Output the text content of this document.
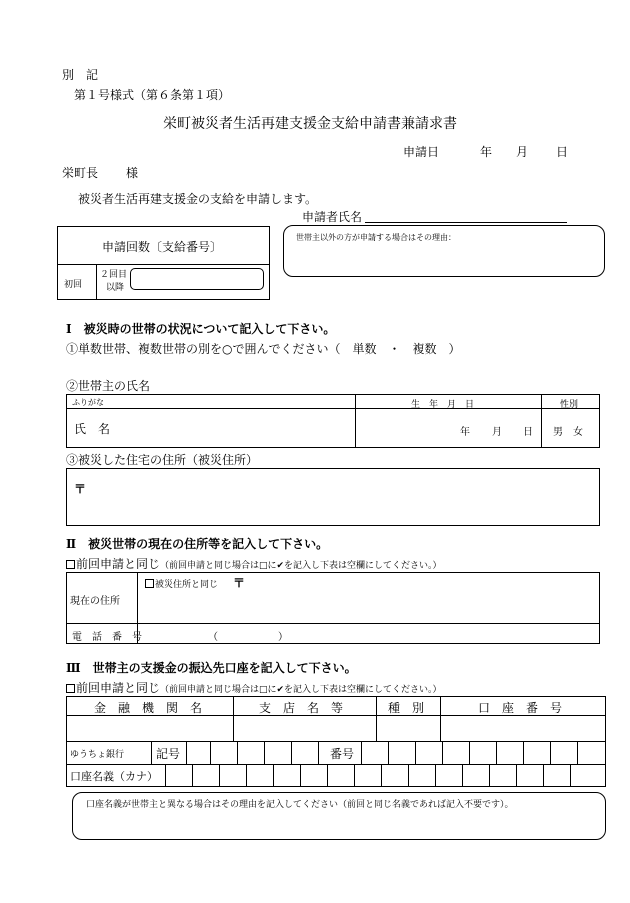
別　記
第１号様式（第６条第１項）
栄町被災者生活再建支援金支給申請書兼請求書
申請日	年 月 日
栄町長 様
被災者生活再建支援金の支給を申請します。
申請者氏名
申請回数〔支給番号〕
初回
２回目
以降
世帯主以外の方が申請する場合はその理由：
Ⅰ　被災時の世帯の状況について記入して下さい。
①単数世帯、複数世帯の別を○で囲んでください（　単数　・　複数　）
②世帯主の氏名
ふりがな	生　年　月　日	性別
氏　名	年 月 日 男　女
③被災した住宅の住所（被災住所）
〒
Ⅱ　被災世帯の現在の住所等を記入して下さい。
前回申請と同じ（前回申請と同じ場合は□に✔を記入し下表は空欄にしてください。）
現在の住所
被災住所と同じ 〒
電　話　番　号	（　　　　　　）
Ⅲ　世帯主の支援金の振込先口座を記入して下さい。
前回申請と同じ（前回申請と同じ場合は□に✔を記入し下表は空欄にしてください。）
金　融　機　関　名	支　店　名　等	種　別	口　座　番　号
ゆうちょ銀行	記号	番号
口座名義（カナ）
口座名義が世帯主と異なる場合はその理由を記入してください（前回と同じ名義であれば記入不要です）。
